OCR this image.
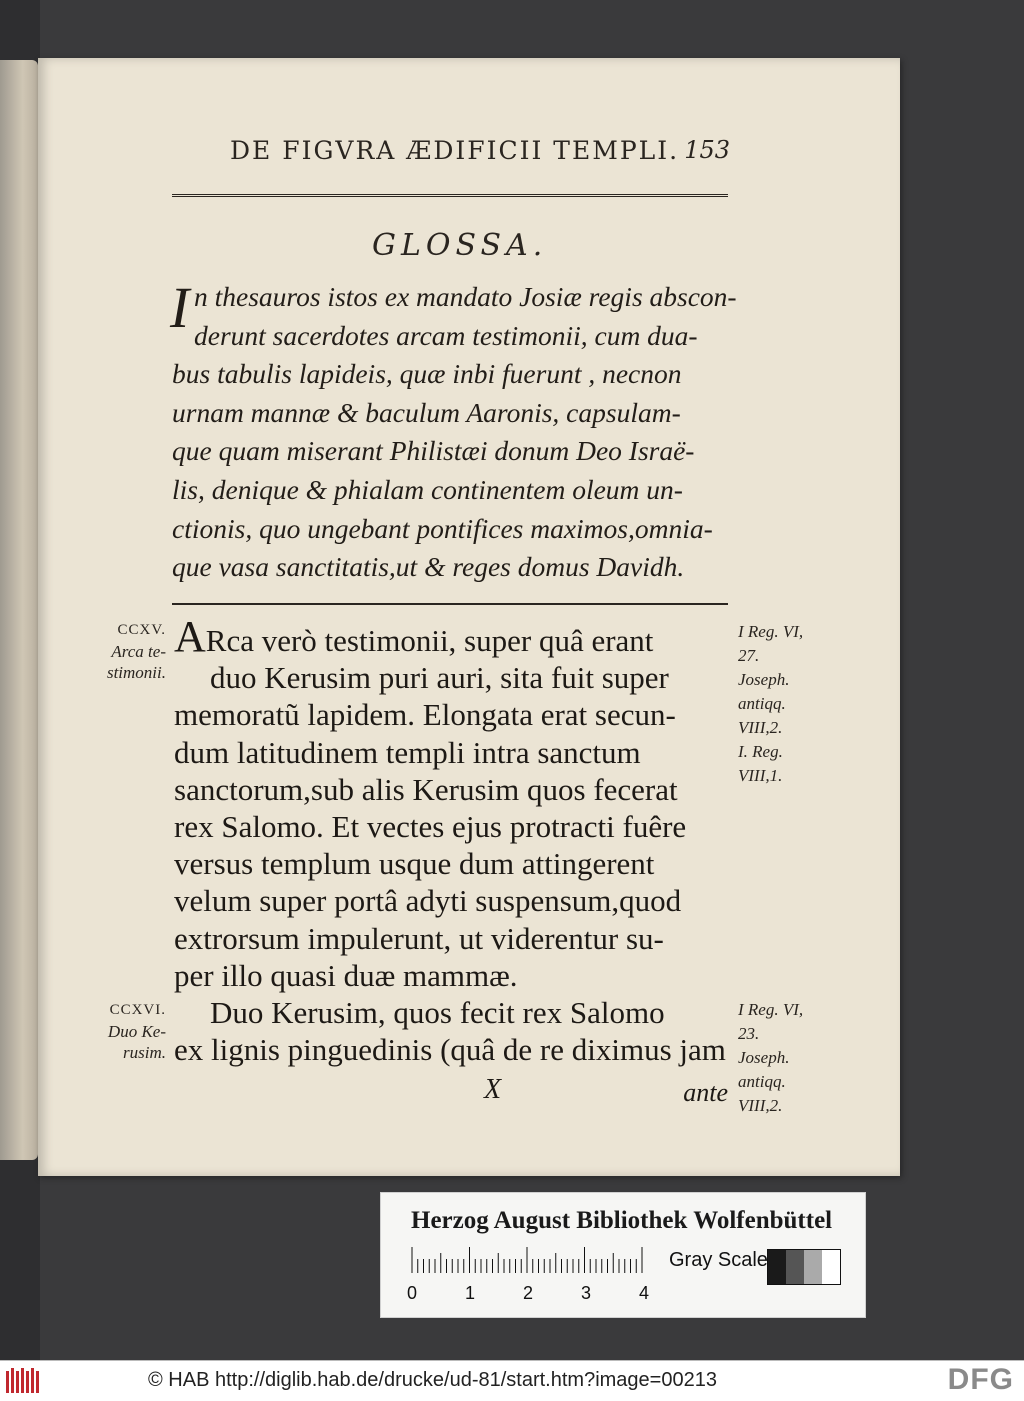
DE FIGVRA ÆDIFICII TEMPLI. 153
GLOSSA.
I n thesauros istos ex mandato Josiæ regis abscon-
derunt sacerdotes arcam testimonii, cum dua-
bus tabulis lapideis, quæ inbi fuerunt , necnon
urnam mannæ & baculum Aaronis, capsulam-
que quam miserant Philistæi donum Deo Israë-
lis, denique & phialam continentem oleum un-
ctionis, quo ungebant pontifices maximos,omnia-
que vasa sanctitatis,ut & reges domus Davidh.
ARca verò testimonii, super quâ erant
duo Kerusim puri auri, sita fuit super
memoratũ lapidem. Elongata erat secun-
dum latitudinem templi intra sanctum
sanctorum,sub alis Kerusim quos fecerat
rex Salomo. Et vectes ejus protracti fuêre
versus templum usque dum attingerent
velum super portâ adyti suspensum,quod
extrorsum impulerunt, ut viderentur su-
per illo quasi duæ mammæ.
Duo Kerusim, quos fecit rex Salomo
ex lignis pinguedinis (quâ de re diximus jam
X	ante
CCXV.
Arca te-
stimonii.
CCXVI.
Duo Ke-
rusim.
I Reg. VI,
27.
Joseph.
antiqq.
VIII,2.
I. Reg.
VIII,1.
I Reg. VI,
23.
Joseph.
antiqq.
VIII,2.
Herzog August Bibliothek Wolfenbüttel
0	1	2	3	4
Gray Scale
© HAB http://diglib.hab.de/drucke/ud-81/start.htm?image=00213	DFG
